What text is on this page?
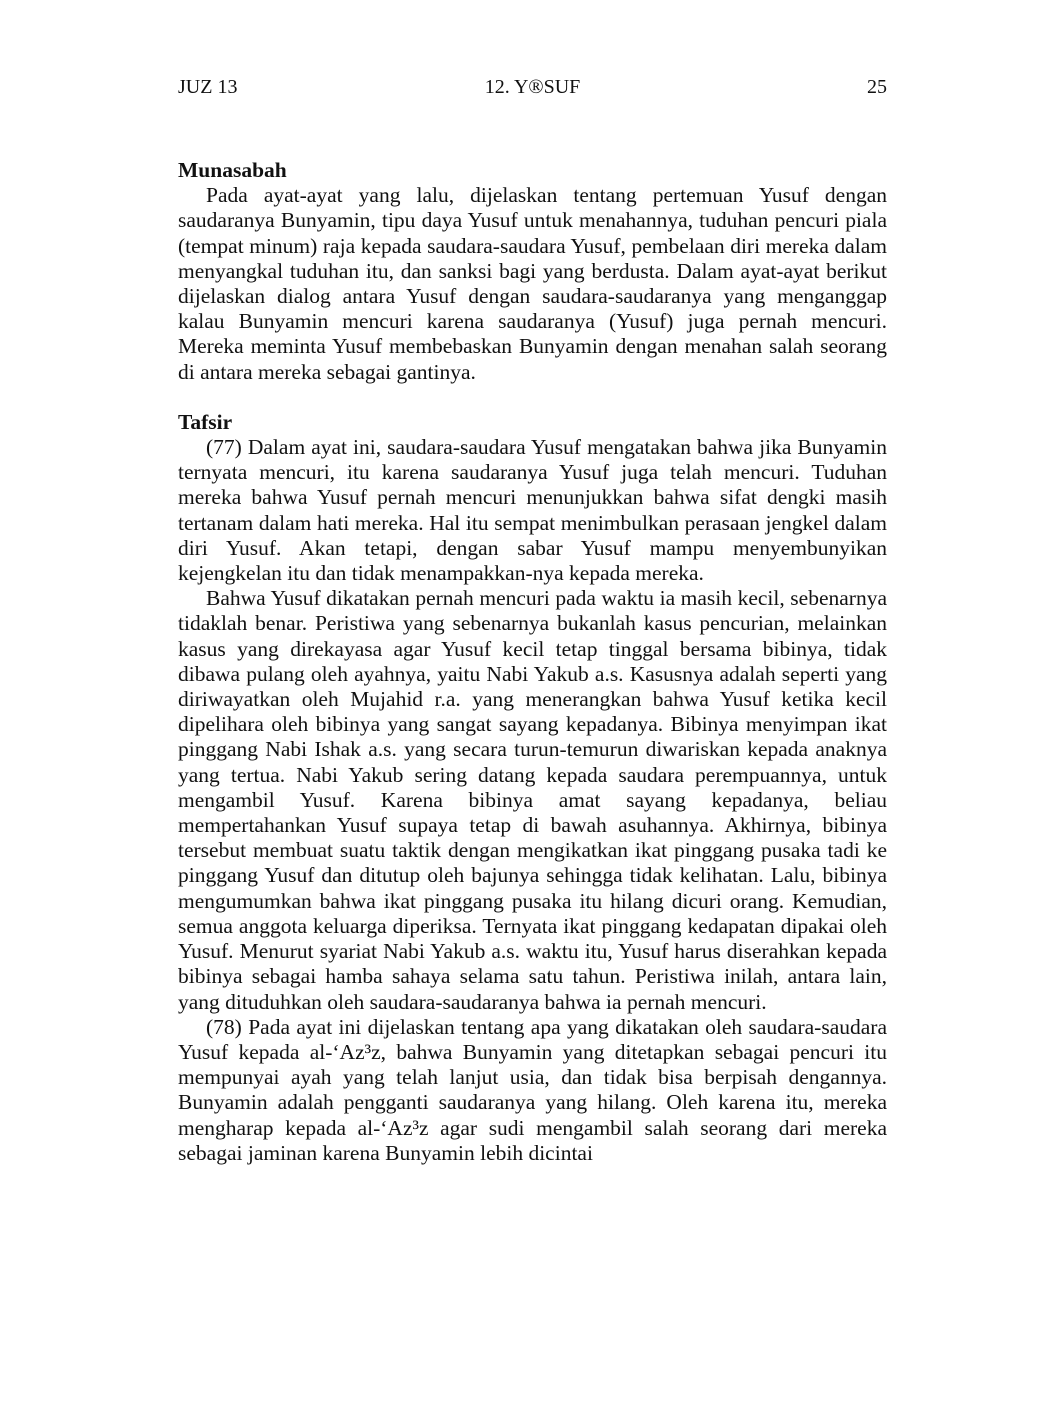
JUZ 13	12. Y®SUF	25
Munasabah

Pada ayat-ayat yang lalu, dijelaskan tentang pertemuan Yusuf dengan saudaranya Bunyamin, tipu daya Yusuf untuk menahannya, tuduhan pencuri piala (tempat minum) raja kepada saudara-saudara Yusuf, pembelaan diri mereka dalam menyangkal tuduhan itu, dan sanksi bagi yang berdusta. Dalam ayat-ayat berikut dijelaskan dialog antara Yusuf dengan saudara-saudaranya yang menganggap kalau Bunyamin mencuri karena saudaranya (Yusuf) juga pernah mencuri. Mereka meminta Yusuf membebaskan Bunyamin dengan menahan salah seorang di antara mereka sebagai gantinya.

Tafsir

(77) Dalam ayat ini, saudara-saudara Yusuf mengatakan bahwa jika Bunyamin ternyata mencuri, itu karena saudaranya Yusuf juga telah mencuri. Tuduhan mereka bahwa Yusuf pernah mencuri menunjukkan bahwa sifat dengki masih tertanam dalam hati mereka. Hal itu sempat menimbulkan perasaan jengkel dalam diri Yusuf. Akan tetapi, dengan sabar Yusuf mampu menyembunyikan kejengkelan itu dan tidak menampakkan-nya kepada mereka.

Bahwa Yusuf dikatakan pernah mencuri pada waktu ia masih kecil, sebenarnya tidaklah benar. Peristiwa yang sebenarnya bukanlah kasus pencurian, melainkan kasus yang direkayasa agar Yusuf kecil tetap tinggal bersama bibinya, tidak dibawa pulang oleh ayahnya, yaitu Nabi Yakub a.s. Kasusnya adalah seperti yang diriwayatkan oleh Mujahid r.a. yang menerangkan bahwa Yusuf ketika kecil dipelihara oleh bibinya yang sangat sayang kepadanya. Bibinya menyimpan ikat pinggang Nabi Ishak a.s. yang secara turun-temurun diwariskan kepada anaknya yang tertua. Nabi Yakub sering datang kepada saudara perempuannya, untuk mengambil Yusuf. Karena bibinya amat sayang kepadanya, beliau mempertahankan Yusuf supaya tetap di bawah asuhannya. Akhirnya, bibinya tersebut membuat suatu taktik dengan mengikatkan ikat pinggang pusaka tadi ke pinggang Yusuf dan ditutup oleh bajunya sehingga tidak kelihatan. Lalu, bibinya mengumumkan bahwa ikat pinggang pusaka itu hilang dicuri orang. Kemudian, semua anggota keluarga diperiksa. Ternyata ikat pinggang kedapatan dipakai oleh Yusuf. Menurut syariat Nabi Yakub a.s. waktu itu, Yusuf harus diserahkan kepada bibinya sebagai hamba sahaya selama satu tahun. Peristiwa inilah, antara lain, yang dituduhkan oleh saudara-saudaranya bahwa ia pernah mencuri.

(78) Pada ayat ini dijelaskan tentang apa yang dikatakan oleh saudara-saudara Yusuf kepada al-‘Az³z, bahwa Bunyamin yang ditetapkan sebagai pencuri itu mempunyai ayah yang telah lanjut usia, dan tidak bisa berpisah dengannya. Bunyamin adalah pengganti saudaranya yang hilang. Oleh karena itu, mereka mengharap kepada al-‘Az³z agar sudi mengambil salah seorang dari mereka sebagai jaminan karena Bunyamin lebih dicintai
